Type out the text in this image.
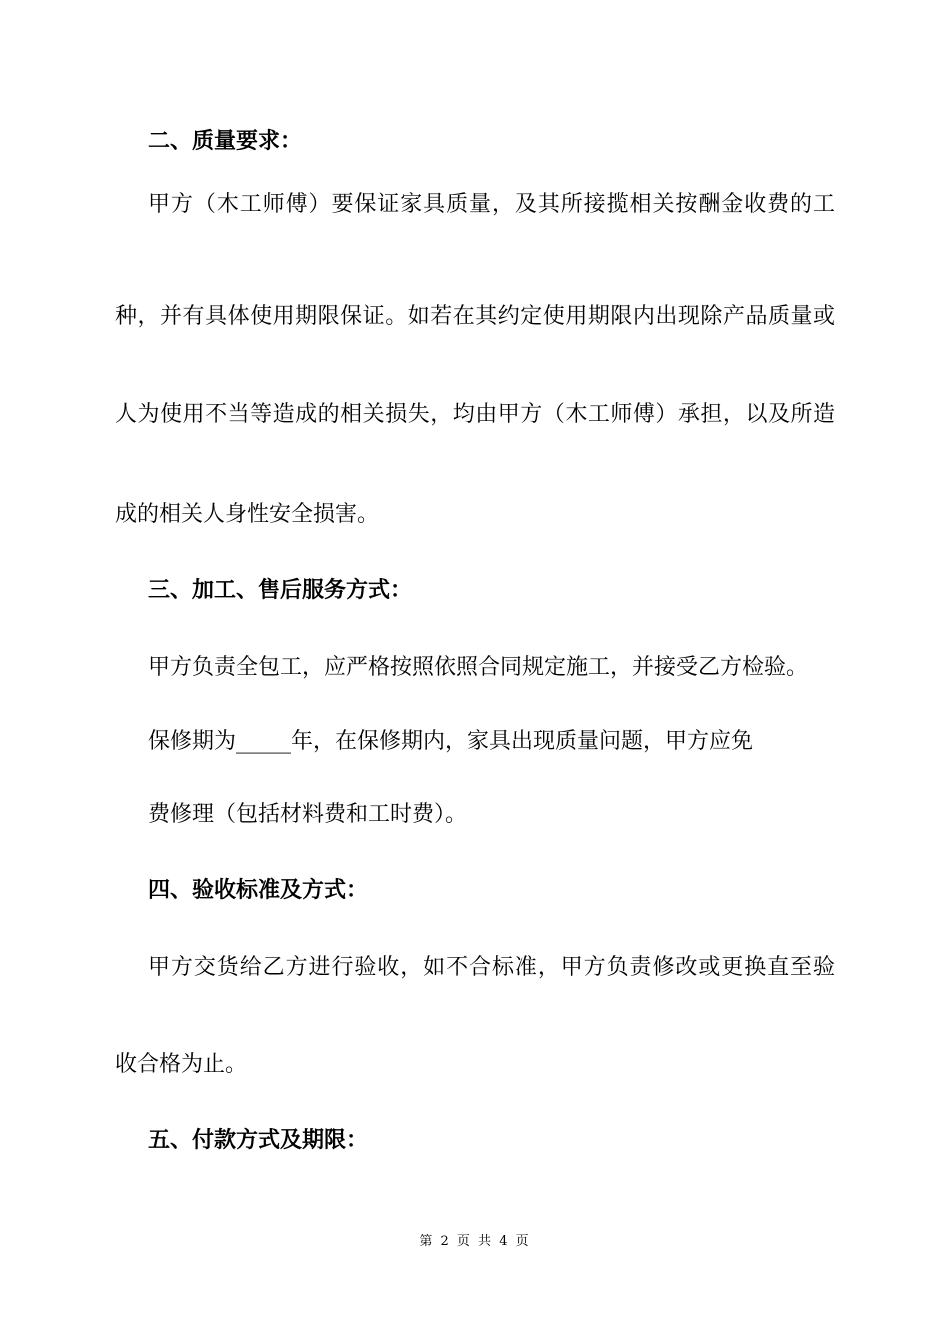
二、质量要求：
甲方（木工师傅）要保证家具质量，及其所接揽相关按酬金收费的工
种，并有具体使用期限保证。如若在其约定使用期限内出现除产品质量或
人为使用不当等造成的相关损失，均由甲方（木工师傅）承担，以及所造
成的相关人身性安全损害。
三、加工、售后服务方式：
甲方负责全包工，应严格按照依照合同规定施工，并接受乙方检验。
保修期为_____年，在保修期内，家具出现质量问题，甲方应免
费修理（包括材料费和工时费）。
四、验收标准及方式：
甲方交货给乙方进行验收，如不合标准，甲方负责修改或更换直至验
收合格为止。
五、付款方式及期限：
第 2 页 共 4 页
